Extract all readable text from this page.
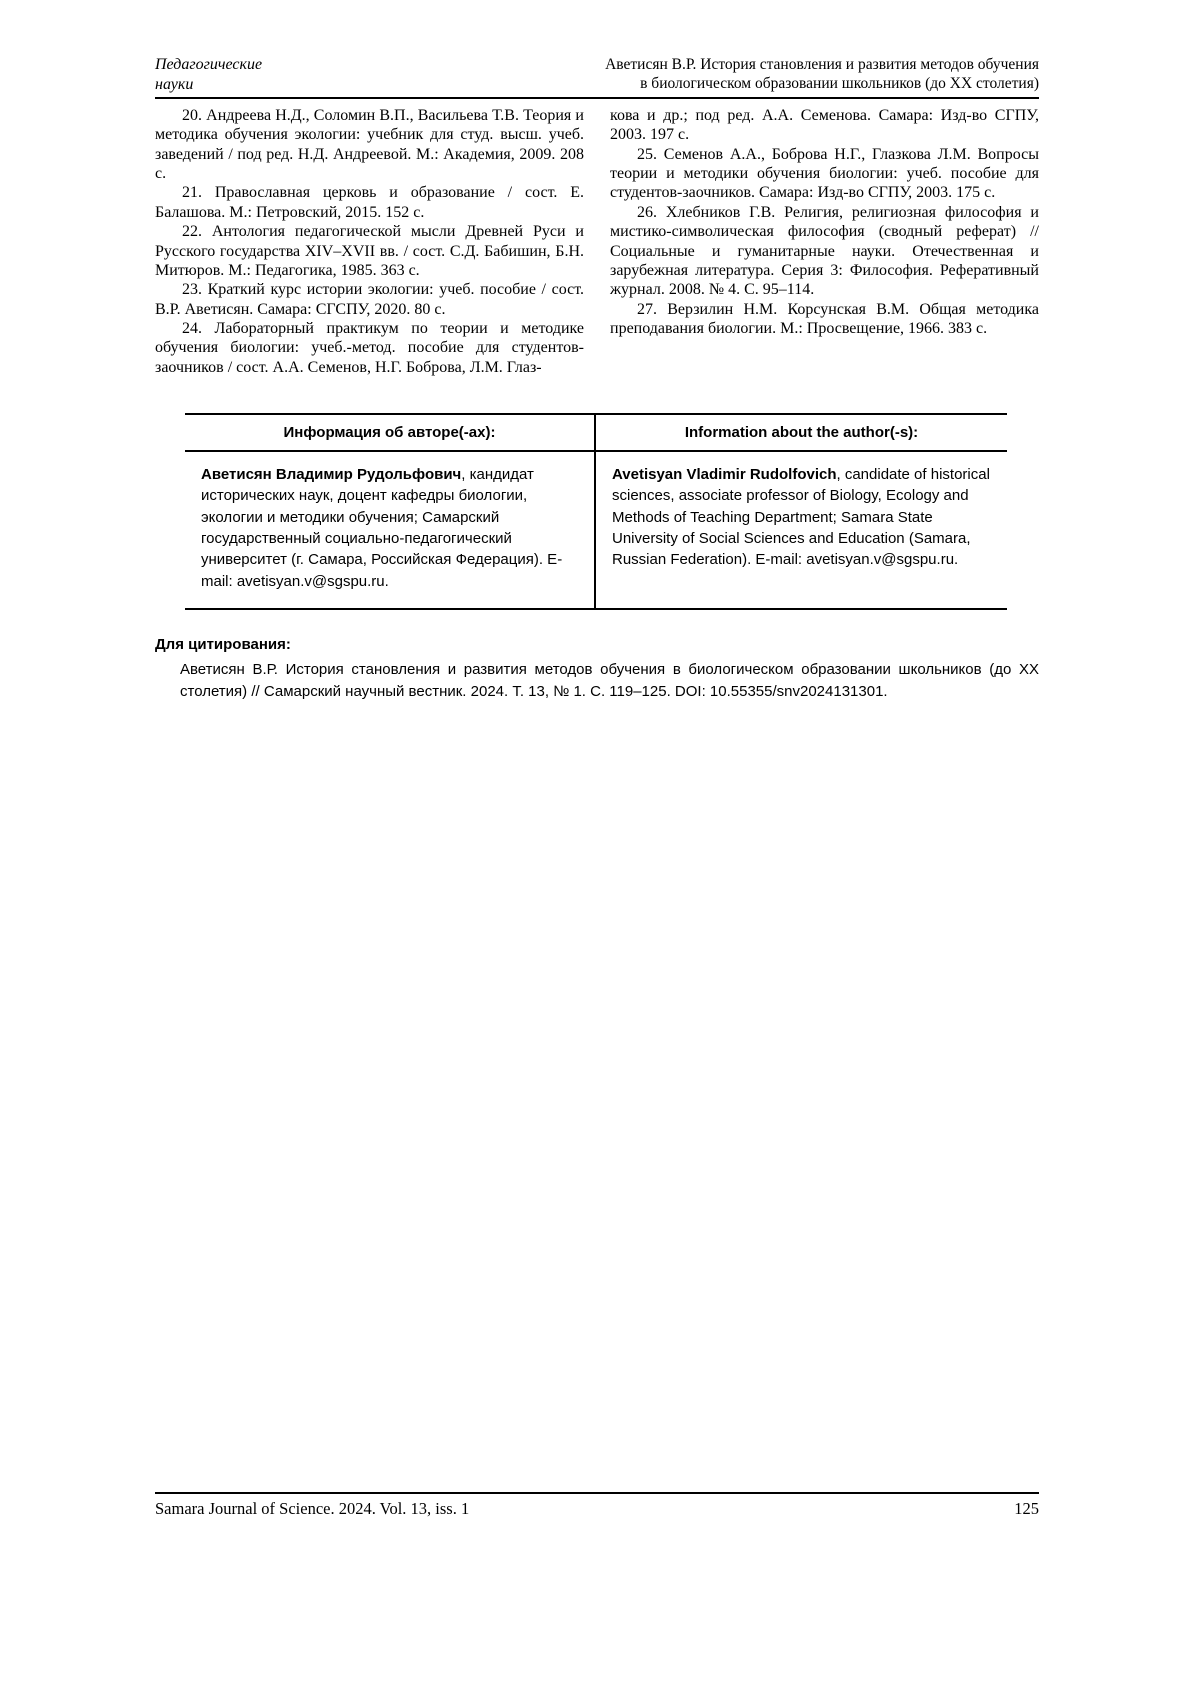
Педагогические
науки
Аветисян В.Р. История становления и развития методов обучения
в биологическом образовании школьников (до XX столетия)

20. Андреева Н.Д., Соломин В.П., Васильева Т.В. Теория и методика обучения экологии: учебник для студ. высш. учеб. заведений / под ред. Н.Д. Андреевой. М.: Академия, 2009. 208 с.

21. Православная церковь и образование / сост. Е. Балашова. М.: Петровский, 2015. 152 с.

22. Антология педагогической мысли Древней Руси и Русского государства XIV–XVII вв. / сост. С.Д. Бабишин, Б.Н. Митюров. М.: Педагогика, 1985. 363 с.

23. Краткий курс истории экологии: учеб. пособие / сост. В.Р. Аветисян. Самара: СГСПУ, 2020. 80 с.

24. Лабораторный практикум по теории и методике обучения биологии: учеб.-метод. пособие для студентов-заочников / сост. А.А. Семенов, Н.Г. Боброва, Л.М. Глаз-

кова и др.; под ред. А.А. Семенова. Самара: Изд-во СГПУ, 2003. 197 с.

25. Семенов А.А., Боброва Н.Г., Глазкова Л.М. Вопросы теории и методики обучения биологии: учеб. пособие для студентов-заочников. Самара: Изд-во СГПУ, 2003. 175 с.

26. Хлебников Г.В. Религия, религиозная философия и мистико-символическая философия (сводный реферат) // Социальные и гуманитарные науки. Отечественная и зарубежная литература. Серия 3: Философия. Реферативный журнал. 2008. № 4. С. 95–114.

27. Верзилин Н.М. Корсунская В.М. Общая методика преподавания биологии. М.: Просвещение, 1966. 383 с.

Информация об авторе(-ах):	Information about the author(-s):
Аветисян Владимир Рудольфович, кандидат исторических наук, доцент кафедры биологии, экологии и методики обучения; Самарский государственный социально-педагогический университет (г. Самара, Российская Федерация). E-mail: avetisyan.v@sgspu.ru.
Avetisyan Vladimir Rudolfovich, candidate of historical sciences, associate professor of Biology, Ecology and Methods of Teaching Department; Samara State University of Social Sciences and Education (Samara, Russian Federation). E-mail: avetisyan.v@sgspu.ru.

Для цитирования:

Аветисян В.Р. История становления и развития методов обучения в биологическом образовании школьников (до XX столетия) // Самарский научный вестник. 2024. Т. 13, № 1. С. 119–125. DOI: 10.55355/snv2024131301.

Samara Journal of Science. 2024. Vol. 13, iss. 1	125
